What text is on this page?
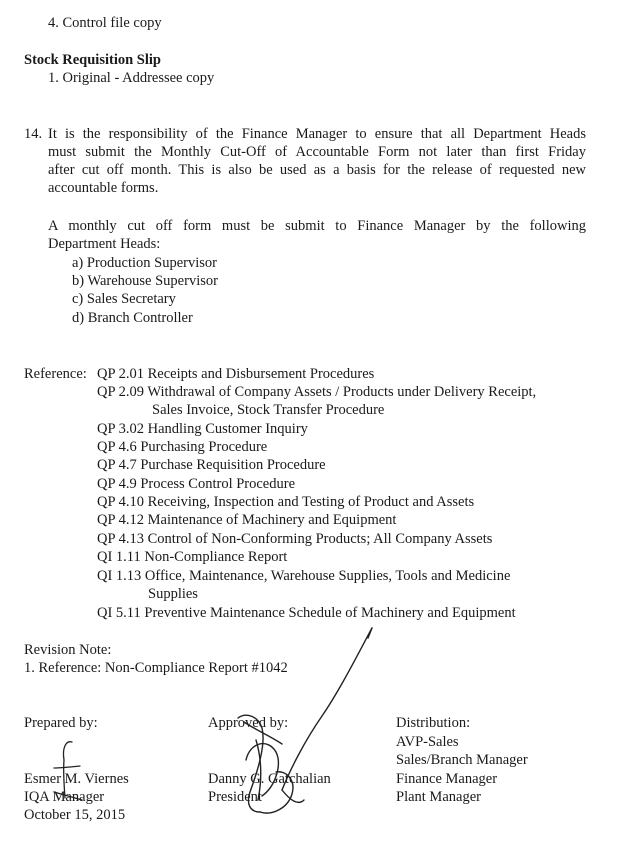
4. Control file copy
Stock Requisition Slip
1. Original - Addressee copy
14. It is the responsibility of the Finance Manager to ensure that all Department Heads
must submit the Monthly Cut-Off of Accountable Form not later than first Friday
after cut off month. This is also be used as a basis for the release of requested new
accountable forms.
A monthly cut off form must be submit to Finance Manager by the following
Department Heads:
a) Production Supervisor
b) Warehouse Supervisor
c) Sales Secretary
d) Branch Controller
Reference: QP 2.01 Receipts and Disbursement Procedures
QP 2.09 Withdrawal of Company Assets / Products under Delivery Receipt,
Sales Invoice, Stock Transfer Procedure
QP 3.02 Handling Customer Inquiry
QP 4.6 Purchasing Procedure
QP 4.7 Purchase Requisition Procedure
QP 4.9 Process Control Procedure
QP 4.10 Receiving, Inspection and Testing of Product and Assets
QP 4.12 Maintenance of Machinery and Equipment
QP 4.13 Control of Non-Conforming Products; All Company Assets
QI 1.11 Non-Compliance Report
QI 1.13 Office, Maintenance, Warehouse Supplies, Tools and Medicine
Supplies
QI 5.11 Preventive Maintenance Schedule of Machinery and Equipment
Revision Note:
1. Reference: Non-Compliance Report #1042
Prepared by:
Esmer M. Viernes
IQA Manager
October 15, 2015
Approved by:
Danny G. Gatchalian
President
Distribution:
AVP-Sales
Sales/Branch Manager
Finance Manager
Plant Manager
